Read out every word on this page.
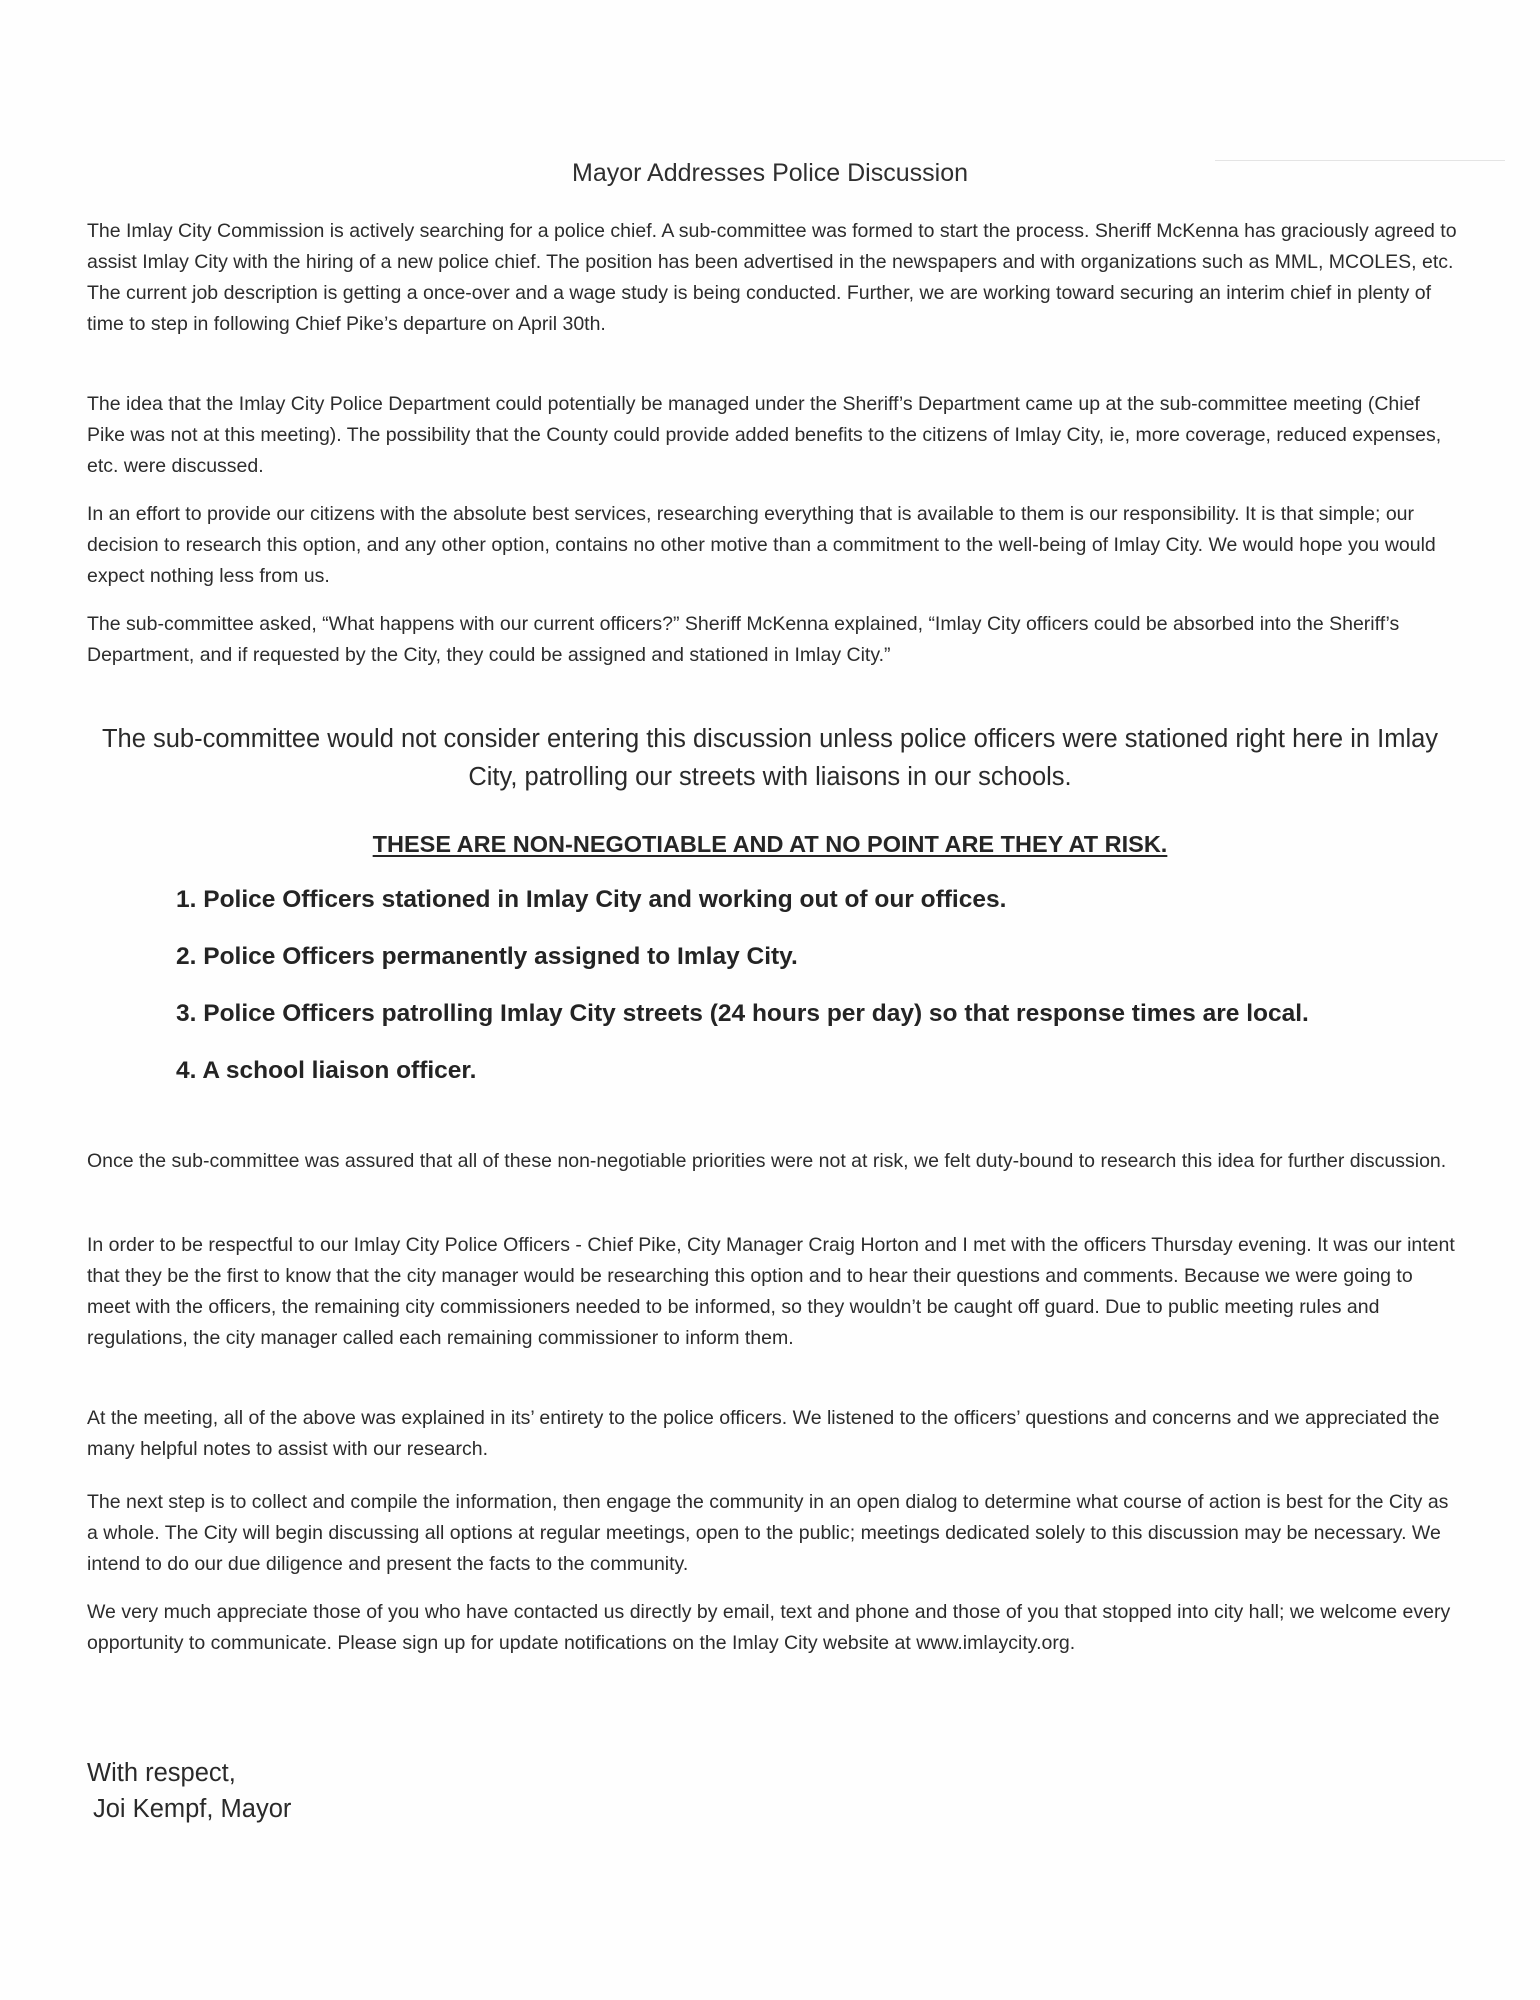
Mayor Addresses Police Discussion

The Imlay City Commission is actively searching for a police chief. A sub-committee was formed to start the process. Sheriff McKenna has graciously agreed to assist Imlay City with the hiring of a new police chief. The position has been advertised in the newspapers and with organizations such as MML, MCOLES, etc. The current job description is getting a once-over and a wage study is being conducted. Further, we are working toward securing an interim chief in plenty of time to step in following Chief Pike’s departure on April 30th.

The idea that the Imlay City Police Department could potentially be managed under the Sheriff’s Department came up at the sub-committee meeting (Chief Pike was not at this meeting). The possibility that the County could provide added benefits to the citizens of Imlay City, ie, more coverage, reduced expenses, etc. were discussed.

In an effort to provide our citizens with the absolute best services, researching everything that is available to them is our responsibility. It is that simple; our decision to research this option, and any other option, contains no other motive than a commitment to the well-being of Imlay City. We would hope you would expect nothing less from us.

The sub-committee asked, “What happens with our current officers?” Sheriff McKenna explained, “Imlay City officers could be absorbed into the Sheriff’s Department, and if requested by the City, they could be assigned and stationed in Imlay City.”

The sub-committee would not consider entering this discussion unless police officers were stationed right here in Imlay City, patrolling our streets with liaisons in our schools.

THESE ARE NON-NEGOTIABLE AND AT NO POINT ARE THEY AT RISK.

1. Police Officers stationed in Imlay City and working out of our offices.
2. Police Officers permanently assigned to Imlay City.
3. Police Officers patrolling Imlay City streets (24 hours per day) so that response times are local.
4. A school liaison officer.

Once the sub-committee was assured that all of these non-negotiable priorities were not at risk, we felt duty-bound to research this idea for further discussion.

In order to be respectful to our Imlay City Police Officers - Chief Pike, City Manager Craig Horton and I met with the officers Thursday evening. It was our intent that they be the first to know that the city manager would be researching this option and to hear their questions and comments. Because we were going to meet with the officers, the remaining city commissioners needed to be informed, so they wouldn’t be caught off guard. Due to public meeting rules and regulations, the city manager called each remaining commissioner to inform them.

At the meeting, all of the above was explained in its’ entirety to the police officers. We listened to the officers’ questions and concerns and we appreciated the many helpful notes to assist with our research.

The next step is to collect and compile the information, then engage the community in an open dialog to determine what course of action is best for the City as a whole. The City will begin discussing all options at regular meetings, open to the public; meetings dedicated solely to this discussion may be necessary. We intend to do our due diligence and present the facts to the community.

We very much appreciate those of you who have contacted us directly by email, text and phone and those of you that stopped into city hall; we welcome every opportunity to communicate. Please sign up for update notifications on the Imlay City website at www.imlaycity.org.

With respect,
Joi Kempf, Mayor
